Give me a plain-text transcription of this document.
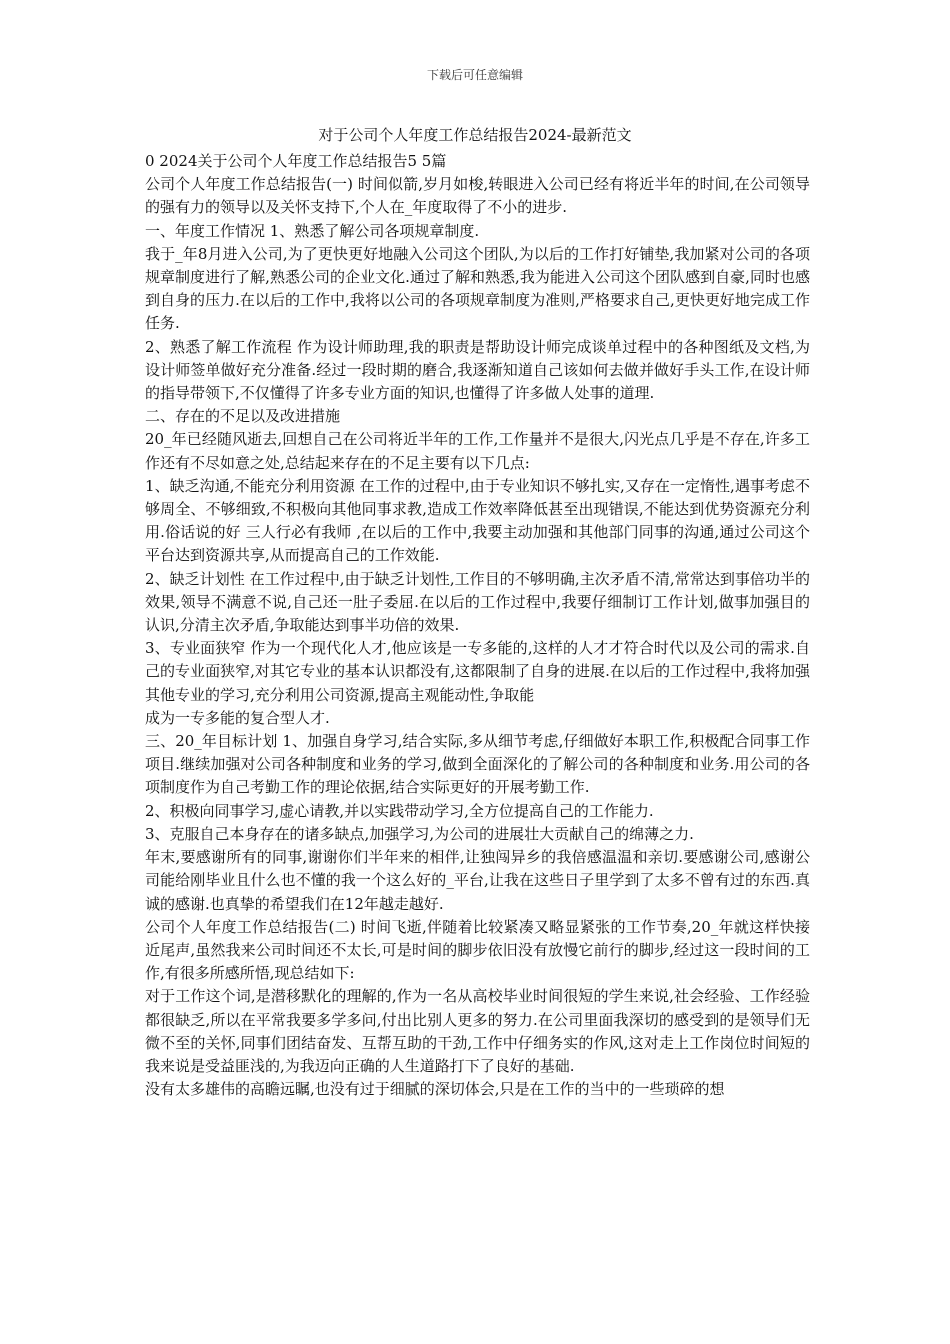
下载后可任意编辑
对于公司个人年度工作总结报告2024-最新范文

0 2024关于公司个人年度工作总结报告5 5篇

公司个人年度工作总结报告(一) 时间似箭,岁月如梭,转眼进入公司已经有将近半年的时间,在公司领导的强有力的领导以及关怀支持下,个人在_年度取得了不小的进步.

一、年度工作情况 1、熟悉了解公司各项规章制度.

我于_年8月进入公司,为了更快更好地融入公司这个团队,为以后的工作打好铺垫,我加紧对公司的各项规章制度进行了解,熟悉公司的企业文化.通过了解和熟悉,我为能进入公司这个团队感到自豪,同时也感到自身的压力.在以后的工作中,我将以公司的各项规章制度为准则,严格要求自己,更快更好地完成工作任务.

2、熟悉了解工作流程 作为设计师助理,我的职责是帮助设计师完成谈单过程中的各种图纸及文档,为设计师签单做好充分准备.经过一段时期的磨合,我逐渐知道自己该如何去做并做好手头工作,在设计师的指导带领下,不仅懂得了许多专业方面的知识,也懂得了许多做人处事的道理.

二、存在的不足以及改进措施

20_年已经随风逝去,回想自己在公司将近半年的工作,工作量并不是很大,闪光点几乎是不存在,许多工作还有不尽如意之处,总结起来存在的不足主要有以下几点:

1、缺乏沟通,不能充分利用资源 在工作的过程中,由于专业知识不够扎实,又存在一定惰性,遇事考虑不够周全、不够细致,不积极向其他同事求教,造成工作效率降低甚至出现错误,不能达到优势资源充分利用.俗话说的好 三人行必有我师 ,在以后的工作中,我要主动加强和其他部门同事的沟通,通过公司这个平台达到资源共享,从而提高自己的工作效能.

2、缺乏计划性 在工作过程中,由于缺乏计划性,工作目的不够明确,主次矛盾不清,常常达到事倍功半的效果,领导不满意不说,自己还一肚子委屈.在以后的工作过程中,我要仔细制订工作计划,做事加强目的认识,分清主次矛盾,争取能达到事半功倍的效果.

3、专业面狭窄 作为一个现代化人才,他应该是一专多能的,这样的人才才符合时代以及公司的需求.自己的专业面狭窄,对其它专业的基本认识都没有,这都限制了自身的进展.在以后的工作过程中,我将加强其他专业的学习,充分利用公司资源,提高主观能动性,争取能

成为一专多能的复合型人才.

三、20_年目标计划 1、加强自身学习,结合实际,多从细节考虑,仔细做好本职工作,积极配合同事工作项目.继续加强对公司各种制度和业务的学习,做到全面深化的了解公司的各种制度和业务.用公司的各项制度作为自己考勤工作的理论依据,结合实际更好的开展考勤工作.

2、积极向同事学习,虚心请教,并以实践带动学习,全方位提高自己的工作能力.

3、克服自己本身存在的诸多缺点,加强学习,为公司的进展壮大贡献自己的绵薄之力.

年末,要感谢所有的同事,谢谢你们半年来的相伴,让独闯异乡的我倍感温温和亲切.要感谢公司,感谢公司能给刚毕业且什么也不懂的我一个这么好的_平台,让我在这些日子里学到了太多不曾有过的东西.真诚的感谢.也真挚的希望我们在12年越走越好.

公司个人年度工作总结报告(二) 时间飞逝,伴随着比较紧凑又略显紧张的工作节奏,20_年就这样快接近尾声,虽然我来公司时间还不太长,可是时间的脚步依旧没有放慢它前行的脚步,经过这一段时间的工作,有很多所感所悟,现总结如下:

对于工作这个词,是潜移默化的理解的,作为一名从高校毕业时间很短的学生来说,社会经验、工作经验都很缺乏,所以在平常我要多学多问,付出比别人更多的努力.在公司里面我深切的感受到的是领导们无微不至的关怀,同事们团结奋发、互帮互助的干劲,工作中仔细务实的作风,这对走上工作岗位时间短的我来说是受益匪浅的,为我迈向正确的人生道路打下了良好的基础.

没有太多雄伟的高瞻远瞩,也没有过于细腻的深切体会,只是在工作的当中的一些琐碎的想
